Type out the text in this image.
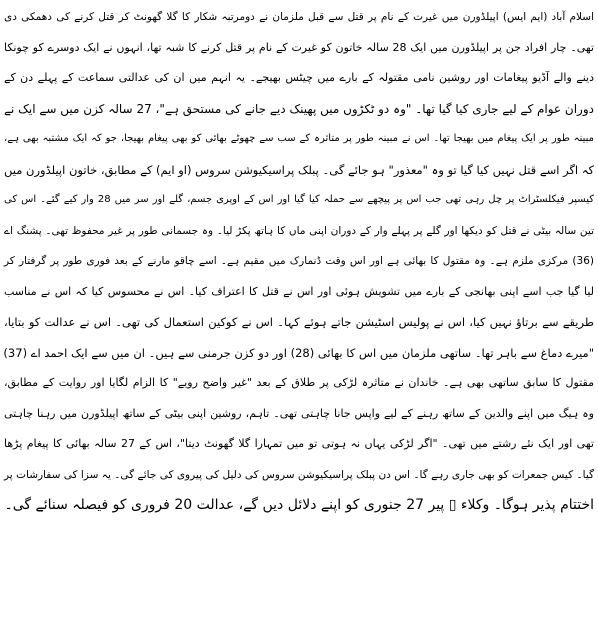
اسلام آباد (ایم ایس) اپیلڈورن میں غیرت کے نام پر قتل سے قبل ملزمان نے دومرتبہ شکار کا گلا گھونٹ کر قتل کرنے کی دھمکی دی
تھی۔ چار افراد جن پر اپیلڈورن میں ایک 28 سالہ خاتون کو غیرت کے نام پر قتل کرنے کا شبہ تھا، انہوں نے ایک دوسرے کو چونکا
دینے والے آڈیو پیغامات اور روشین نامی مقتولہ کے بارے میں چیٹس بھیجے۔ یہ انہم میں ان کی عدالتی سماعت کے پہلے دن کے
دوران عوام کے لیے جاری کیا گیا تھا۔ "وہ دو ٹکڑوں میں پھینک دیے جانے کی مستحق ہے"، 27 سالہ کزن میں سے ایک نے
مبینہ طور پر ایک پیغام میں بھیجا تھا۔ اس نے مبینہ طور پر متاثرہ کے سب سے چھوٹے بھائی کو بھی پیغام بھیجا، جو کہ ایک مشتبہ بھی ہے،
کہ اگر اسے قتل نہیں کیا گیا تو وہ "معذور" ہو جائے گی۔ پبلک پراسیکیوشن سروس (او ایم) کے مطابق، خاتون اپیلڈورن میں
کیسپر فیکلسٹراٹ پر چل رہی تھی جب اس پر پیچھے سے حملہ کیا گیا اور اس کے اوپری جسم، گلے اور سر میں 28 وار کیے گئے۔ اس کی
تین سالہ بیٹی نے قتل کو دیکھا اور گلے پر پہلے وار کے دوران اپنی ماں کا ہاتھ پکڑ لیا۔ وہ جسمانی طور پر غیر محفوظ تھی۔ پشنگ اے
(36) مرکزی ملزم ہے۔ وہ مقتول کا بھائی ہے اور اس وقت ڈنمارک میں مقیم ہے۔ اسے چاقو مارنے کے بعد فوری طور پر گرفتار کر
لیا گیا جب اسے اپنی بھانجی کے بارے میں تشویش ہوئی اور اس نے قتل کا اعتراف کیا۔ اس نے محسوس کیا کہ اس نے مناسب
طریقے سے برتاؤ نہیں کیا، اس نے پولیس اسٹیشن جاتے ہوئے کہا۔ اس نے کوکین استعمال کی تھی۔ اس نے عدالت کو بتایا،
"میرے دماغ سے باہر تھا۔ ساتھی ملزمان میں اس کا بھائی (28) اور دو کزن جرمنی سے ہیں۔ ان میں سے ایک احمد اے (37)
مقتول کا سابق ساتھی بھی ہے۔ خاندان نے متاثرہ لڑکی پر طلاق کے بعد "غیر واضح رویے" کا الزام لگایا اور روایت کے مطابق،
وہ ہیگ میں اپنے والدین کے ساتھ رہنے کے لیے واپس جانا چاہتی تھی۔ تاہم، روشین اپنی بیٹی کے ساتھ اپیلڈورن میں رہنا چاہتی
تھی اور ایک نئے رشتے میں تھی۔ "اگر لڑکی یہاں نہ ہوتی تو میں تمہارا گلا گھونٹ دیتا"، اس کے 27 سالہ بھائی کا پیغام پڑھا
گیا۔ کیس جمعرات کو بھی جاری رہے گا۔ اس دن پبلک پراسیکیوشن سروس کی دلیل کی پیروی کی جائے گی۔ یہ سزا کی سفارشات پر
اختتام پذیر ہوگا۔ وکلاء ▯ پیر 27 جنوری کو اپنے دلائل دیں گے، عدالت 20 فروری کو فیصلہ سنائے گی۔
